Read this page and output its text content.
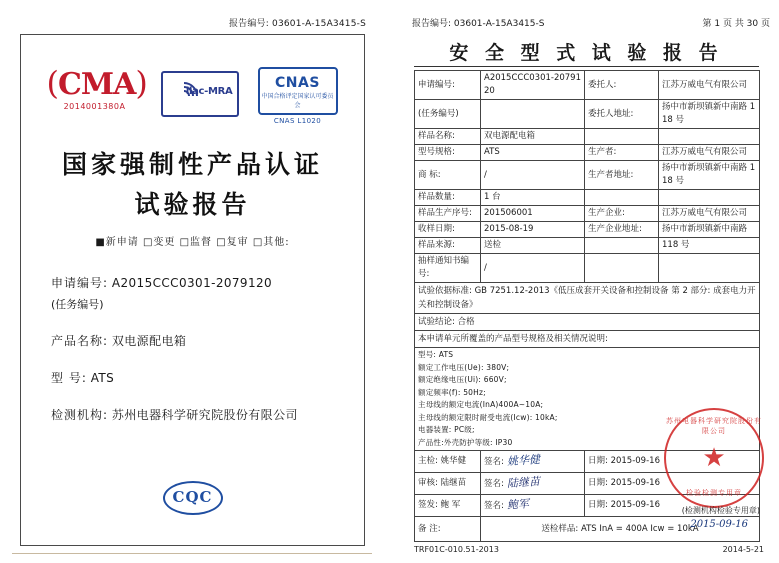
报告编号: 03601-A-15A3415-S
(CMA)
2014001380A
ilac-MRA
CNAS
中国合格评定国家认可委员会
CNAS L1020
国家强制性产品认证
试验报告
■新申请 □变更 □监督 □复审 □其他:
申请编号: A2015CCC0301-2079120
(任务编号)
产品名称: 双电源配电箱
型 号: ATS
检测机构: 苏州电器科学研究院股份有限公司
CQC
报告编号: 03601-A-15A3415-S	第 1 页 共 30 页
安 全 型 式 试 验 报 告
申请编号:	A2015CCC0301-2079120	委托人:	江苏万威电气有限公司
(任务编号)		委托人地址:	扬中市新坝镇新中南路 118 号
样品名称:	双电源配电箱		
型号规格:	ATS	生产者:	江苏万威电气有限公司
商 标:	/	生产者地址:	扬中市新坝镇新中南路 118 号
样品数量:	1 台		
样品生产序号:	201506001	生产企业:	江苏万威电气有限公司
收样日期:	2015-08-19	生产企业地址:	扬中市新坝镇新中南路
样品来源:	送检		118 号
抽样通知书编号:	/		
试验依据标准: GB 7251.12-2013《低压成套开关设备和控制设备 第 2 部分: 成套电力开关和控制设备》			
试验结论: 合格			
本申请单元所覆盖的产品型号规格及相关情况说明:			

型号: ATS
额定工作电压(Ue): 380V;
额定绝缘电压(Ui): 660V;
额定频率(f): 50Hz;
主母线的额定电流(InA)400A~10A;
主母线的额定限时耐受电流(Icw): 10kA;
电器装置: PC级;
产品性:外壳防护等级: IP30

主检: 姚华健	签名: 姚华健	日期: 2015-09-16	
审核: 陆继苗	签名: 陆继苗	日期: 2015-09-16	
签发: 鲍 军	签名: 鲍军	日期: 2015-09-16	
备 注:	送检样品: ATS InA = 400A Icw = 10kA		
苏州电器科学研究院股份有限公司
★
检验检测专用章
(检测机构检验专用章)
2015-09-16
TRF01C-010.51-2013	2014-5-21
